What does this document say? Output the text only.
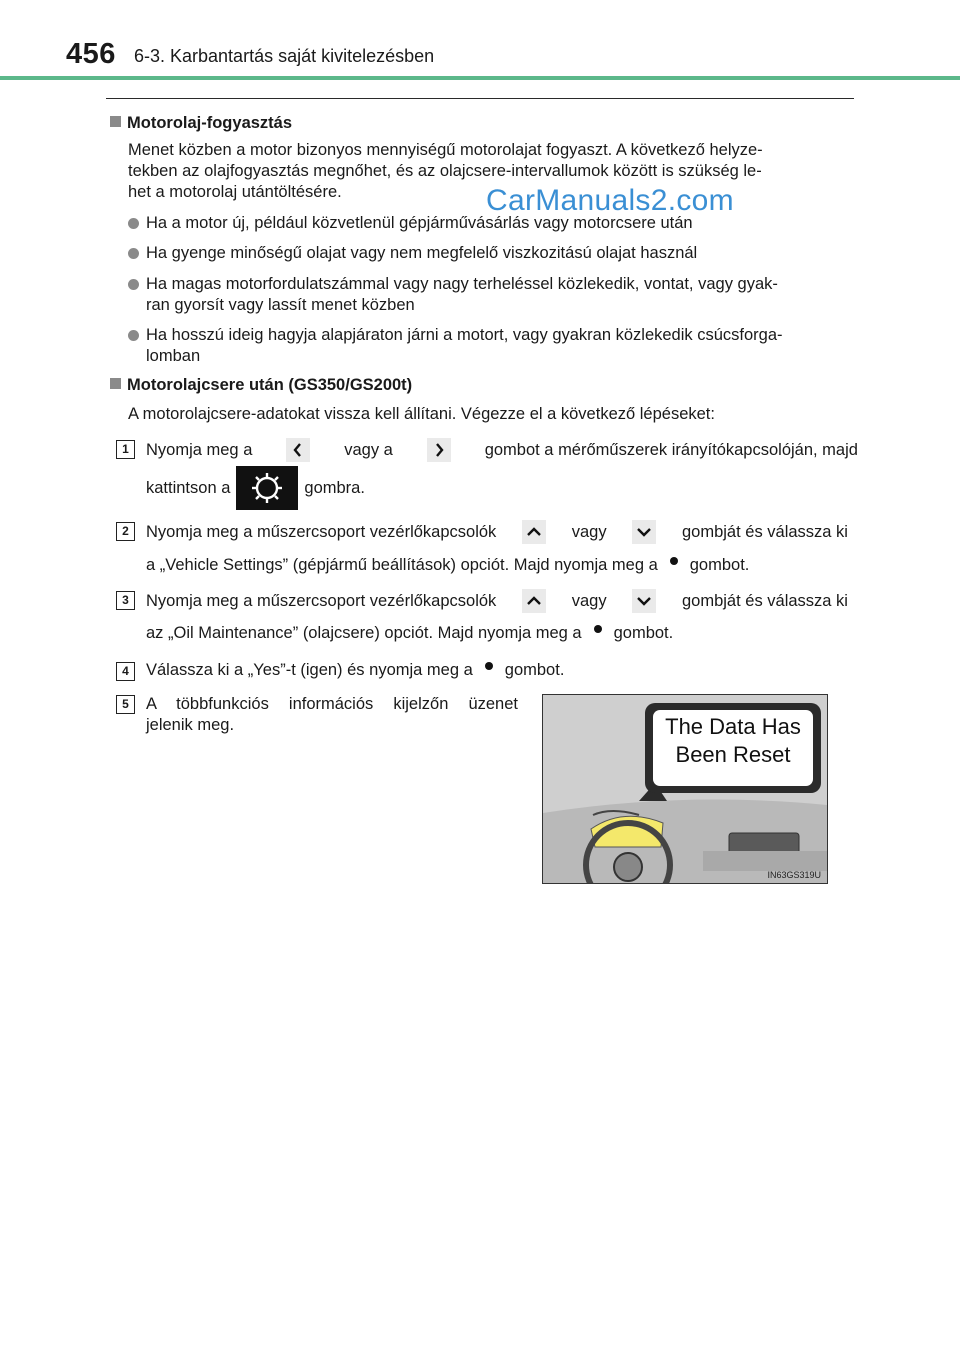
456 6-3. Karbantartás saját kivitelezésben
Motorolaj-fogyasztás
Menet közben a motor bizonyos mennyiségű motorolajat fogyaszt. A következő helyze-
tekben az olajfogyasztás megnőhet, és az olajcsere-intervallumok között is szükség le-
het a motorolaj utántöltésére.	CarManuals2.com
Ha a motor új, például közvetlenül gépjárművásárlás vagy motorcsere után
Ha gyenge minőségű olajat vagy nem megfelelő viszkozitású olajat használ
Ha magas motorfordulatszámmal vagy nagy terheléssel közlekedik, vontat, vagy gyak-
ran gyorsít vagy lassít menet közben
Ha hosszú ideig hagyja alapjáraton járni a motort, vagy gyakran közlekedik csúcsforga-
lomban
Motorolajcsere után (GS350/GS200t)
A motorolajcsere-adatokat vissza kell állítani. Végezze el a következő lépéseket:
1	Nyomja meg a	vagy a	gombot a mérőműszerek irányítókapcsolóján, majd
kattintson a	gombra.
2	Nyomja meg a műszercsoport vezérlőkapcsolók	vagy	gombját és válassza ki
a „Vehicle Settings” (gépjármű beállítások) opciót. Majd nyomja meg a gombot.
3	Nyomja meg a műszercsoport vezérlőkapcsolók	vagy	gombját és válassza ki
az „Oil Maintenance” (olajcsere) opciót. Majd nyomja meg a gombot.
4	Válassza ki a „Yes”-t (igen) és nyomja meg a gombot.
5	A többfunkciós információs kijelzőn üzenet
jelenik meg.	The Data Has
Been Reset
IN63GS319U
